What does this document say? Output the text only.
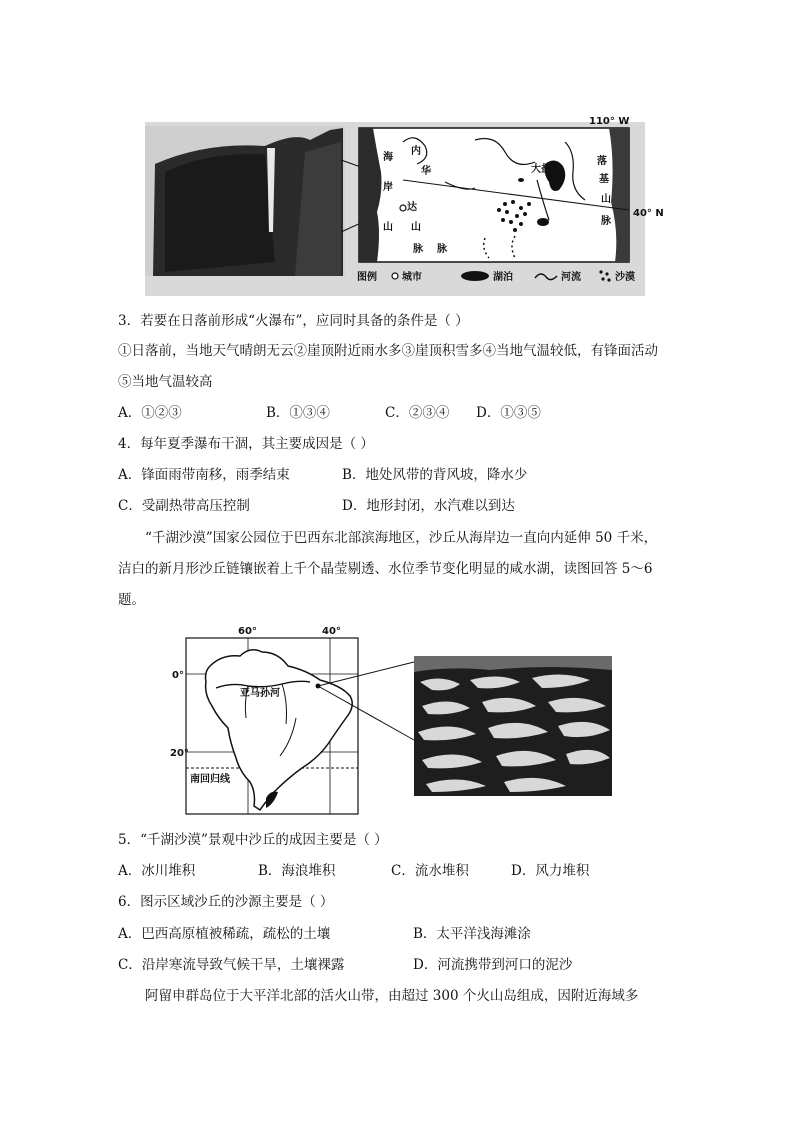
110° W
40° N
大盐湖
海
岸
山
内
华
达
山
脉 脉
落
基
山
脉
图例	城市	湖泊	河流	沙漠
3．若要在日落前形成“火瀑布”，应同时具备的条件是（ ）
①日落前，当地天气晴朗无云②崖顶附近雨水多③崖顶积雪多④当地气温较低，有锋面活动
⑤当地气温较高
A．①②③	B．①③④	C．②③④ D．①③⑤
4．每年夏季瀑布干涸，其主要成因是（ ）
A．锋面雨带南移，雨季结束	B．地处风带的背风坡，降水少
C．受副热带高压控制	D．地形封闭，水汽难以到达
“千湖沙漠”国家公园位于巴西东北部滨海地区，沙丘从海岸边一直向内延伸 50 千米，洁白的新月形沙丘链镶嵌着上千个晶莹剔透、水位季节变化明显的咸水湖，读图回答 5～6 题。
60°	40°
0°
20°
亚马孙河
南回归线
5．“千湖沙漠”景观中沙丘的成因主要是（ ）
A．冰川堆积	B．海浪堆积	C．流水堆积	D．风力堆积
6．图示区域沙丘的沙源主要是（ ）
A．巴西高原植被稀疏，疏松的土壤	B．太平洋浅海滩涂
C．沿岸寒流导致气候干旱，土壤裸露	D．河流携带到河口的泥沙
阿留申群岛位于大平洋北部的活火山带，由超过 300 个火山岛组成，因附近海域多
